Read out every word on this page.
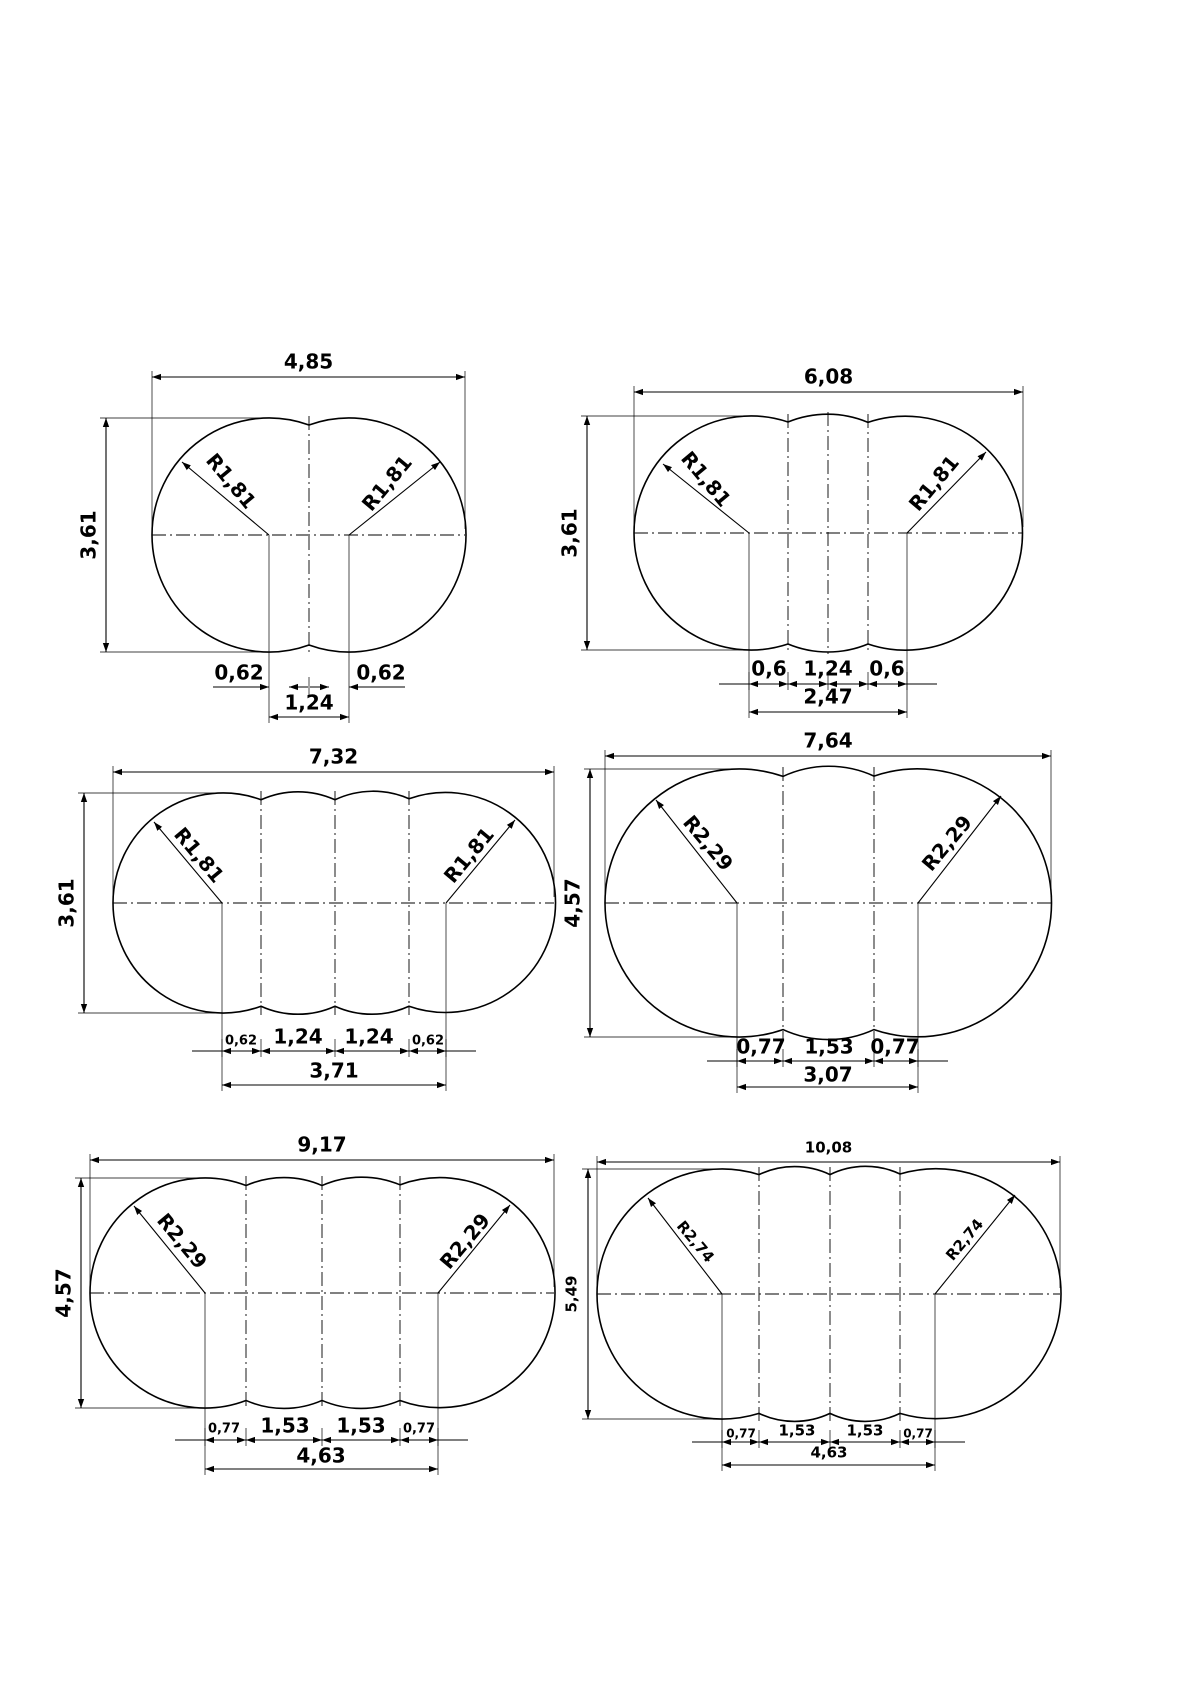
4,85
3,61
R1,81	R1,81
0,62	0,62
1,24
6,08
3,61
R1,81	R1,81
0,6 1,24 0,6
2,47
7,32
3,61
R1,81	R1,81
0,62 1,24 1,24 0,62
3,71
7,64
4,57
R2,29	R2,29
0,77 1,53 0,77
3,07
9,17
4,57
R2,29	R2,29
0,77 1,53 1,53 0,77
4,63
10,08
5,49
R2,74	R2,74
0,77 1,53 1,53 0,77
4,63
